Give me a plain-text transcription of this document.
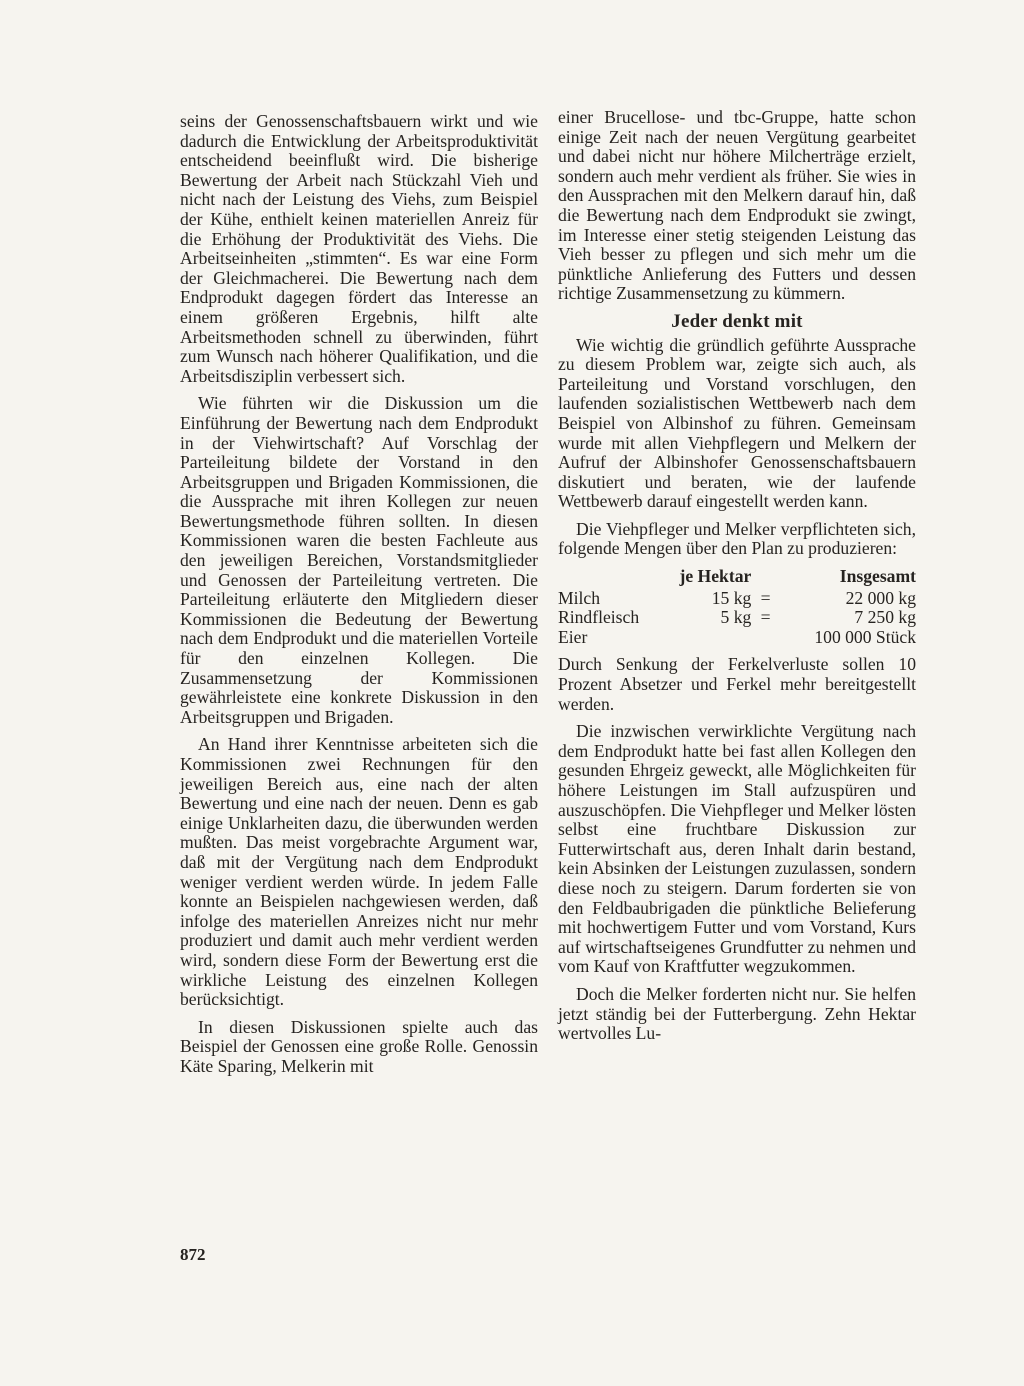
seins der Genossenschaftsbauern wirkt und wie dadurch die Entwicklung der Arbeitsproduktivität entscheidend beeinflußt wird. Die bisherige Bewertung der Arbeit nach Stückzahl Vieh und nicht nach der Leistung des Viehs, zum Beispiel der Kühe, enthielt keinen materiellen Anreiz für die Erhöhung der Produktivität des Viehs. Die Arbeitseinheiten „stimmten“. Es war eine Form der Gleichmacherei. Die Bewertung nach dem Endprodukt dagegen fördert das Interesse an einem größeren Ergebnis, hilft alte Arbeitsmethoden schnell zu überwinden, führt zum Wunsch nach höherer Qualifikation, und die Arbeitsdisziplin verbessert sich.

Wie führten wir die Diskussion um die Einführung der Bewertung nach dem Endprodukt in der Viehwirtschaft? Auf Vorschlag der Parteileitung bildete der Vorstand in den Arbeitsgruppen und Brigaden Kommissionen, die die Aussprache mit ihren Kollegen zur neuen Bewertungsmethode führen sollten. In diesen Kommissionen waren die besten Fachleute aus den jeweiligen Bereichen, Vorstandsmitglieder und Genossen der Parteileitung vertreten. Die Parteileitung erläuterte den Mitgliedern dieser Kommissionen die Bedeutung der Bewertung nach dem Endprodukt und die materiellen Vorteile für den einzelnen Kollegen. Die Zusammensetzung der Kommissionen gewährleistete eine konkrete Diskussion in den Arbeitsgruppen und Brigaden.

An Hand ihrer Kenntnisse arbeiteten sich die Kommissionen zwei Rechnungen für den jeweiligen Bereich aus, eine nach der alten Bewertung und eine nach der neuen. Denn es gab einige Unklarheiten dazu, die überwunden werden mußten. Das meist vorgebrachte Argument war, daß mit der Vergütung nach dem Endprodukt weniger verdient werden würde. In jedem Falle konnte an Beispielen nachgewiesen werden, daß infolge des materiellen Anreizes nicht nur mehr produziert und damit auch mehr verdient werden wird, sondern diese Form der Bewertung erst die wirkliche Leistung des einzelnen Kollegen berücksichtigt.

In diesen Diskussionen spielte auch das Beispiel der Genossen eine große Rolle. Genossin Käte Sparing, Melkerin mit

einer Brucellose- und tbc-Gruppe, hatte schon einige Zeit nach der neuen Vergütung gearbeitet und dabei nicht nur höhere Milcherträge erzielt, sondern auch mehr verdient als früher. Sie wies in den Aussprachen mit den Melkern darauf hin, daß die Bewertung nach dem Endprodukt sie zwingt, im Interesse einer stetig steigenden Leistung das Vieh besser zu pflegen und sich mehr um die pünktliche Anlieferung des Futters und dessen richtige Zusammensetzung zu kümmern.

Jeder denkt mit

Wie wichtig die gründlich geführte Aussprache zu diesem Problem war, zeigte sich auch, als Parteileitung und Vorstand vorschlugen, den laufenden sozialistischen Wettbewerb nach dem Beispiel von Albinshof zu führen. Gemeinsam wurde mit allen Viehpflegern und Melkern der Aufruf der Albinshofer Genossenschaftsbauern diskutiert und beraten, wie der laufende Wettbewerb darauf eingestellt werden kann.

Die Viehpfleger und Melker verpflichteten sich, folgende Mengen über den Plan zu produzieren:

	je Hektar		Insgesamt
Milch	15 kg	=	22 000 kg
Rindfleisch	5 kg	=	7 250 kg
Eier			100 000 Stück

Durch Senkung der Ferkelverluste sollen 10 Prozent Absetzer und Ferkel mehr bereitgestellt werden.

Die inzwischen verwirklichte Vergütung nach dem Endprodukt hatte bei fast allen Kollegen den gesunden Ehrgeiz geweckt, alle Möglichkeiten für höhere Leistungen im Stall aufzuspüren und auszuschöpfen. Die Viehpfleger und Melker lösten selbst eine fruchtbare Diskussion zur Futterwirtschaft aus, deren Inhalt darin bestand, kein Absinken der Leistungen zuzulassen, sondern diese noch zu steigern. Darum forderten sie von den Feldbaubrigaden die pünktliche Belieferung mit hochwertigem Futter und vom Vorstand, Kurs auf wirtschaftseigenes Grundfutter zu nehmen und vom Kauf von Kraftfutter wegzukommen.

Doch die Melker forderten nicht nur. Sie helfen jetzt ständig bei der Futterbergung. Zehn Hektar wertvolles Lu-

872
